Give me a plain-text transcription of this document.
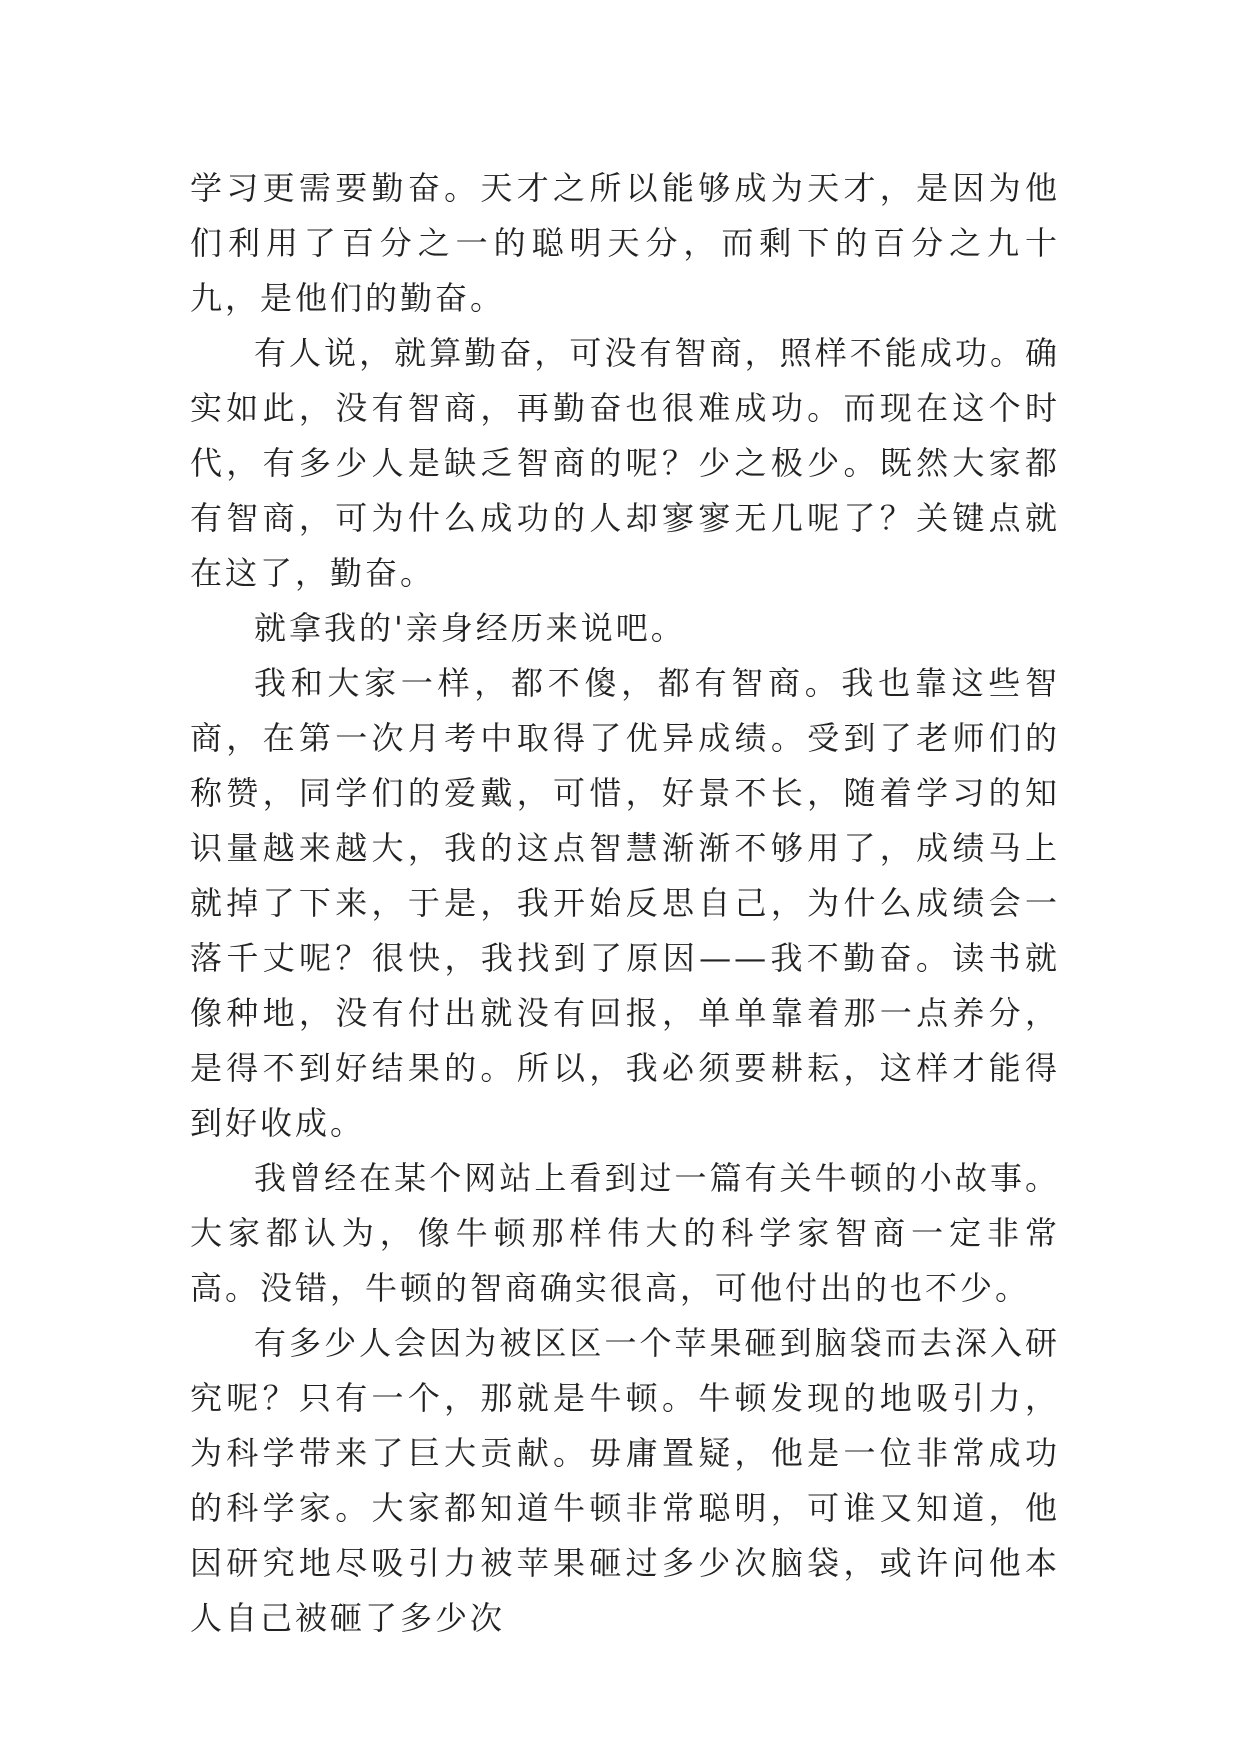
学习更需要勤奋。天才之所以能够成为天才，是因为他们利用了百分之一的聪明天分，而剩下的百分之九十九，是他们的勤奋。

有人说，就算勤奋，可没有智商，照样不能成功。确实如此，没有智商，再勤奋也很难成功。而现在这个时代，有多少人是缺乏智商的呢？少之极少。既然大家都有智商，可为什么成功的人却寥寥无几呢了？关键点就在这了，勤奋。

就拿我的'亲身经历来说吧。

我和大家一样，都不傻，都有智商。我也靠这些智商，在第一次月考中取得了优异成绩。受到了老师们的称赞，同学们的爱戴，可惜，好景不长，随着学习的知识量越来越大，我的这点智慧渐渐不够用了，成绩马上就掉了下来，于是，我开始反思自己，为什么成绩会一落千丈呢？很快，我找到了原因——我不勤奋。读书就像种地，没有付出就没有回报，单单靠着那一点养分，是得不到好结果的。所以，我必须要耕耘，这样才能得到好收成。

我曾经在某个网站上看到过一篇有关牛顿的小故事。大家都认为，像牛顿那样伟大的科学家智商一定非常高。没错，牛顿的智商确实很高，可他付出的也不少。

有多少人会因为被区区一个苹果砸到脑袋而去深入研究呢？只有一个，那就是牛顿。牛顿发现的地吸引力，为科学带来了巨大贡献。毋庸置疑，他是一位非常成功的科学家。大家都知道牛顿非常聪明，可谁又知道，他因研究地尽吸引力被苹果砸过多少次脑袋，或许问他本人自己被砸了多少次
